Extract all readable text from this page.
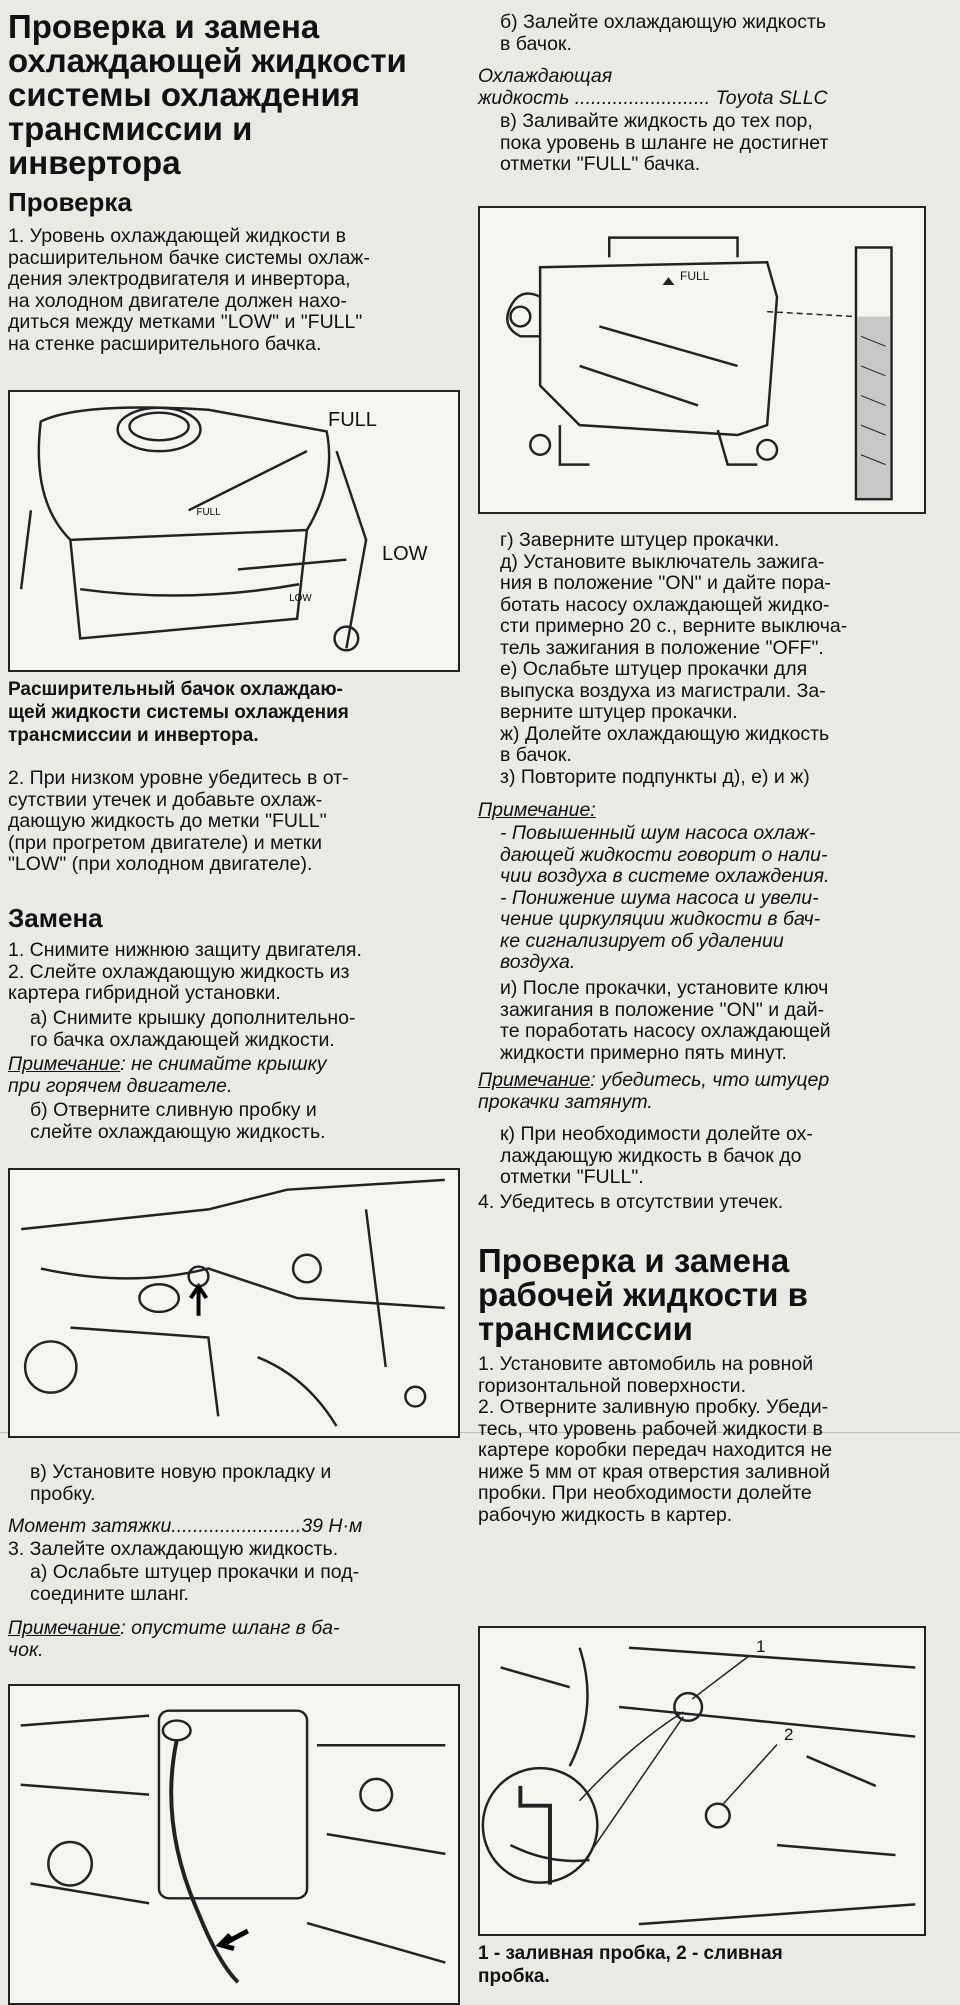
Проверка и замена
охлаждающей жидкости
системы охлаждения
трансмиссии и
инвертора
Проверка

1. Уровень охлаждающей жидкости в
расширительном бачке системы охлаж-
дения электродвигателя и инвертора,
на холодном двигателе должен нахо-
диться между метками "LOW" и "FULL"
на стенке расширительного бачка.

FULL
LOW
FULL
LOW

Расширительный бачок охлаждаю-
щей жидкости системы охлаждения
трансмиссии и инвертора.

2. При низком уровне убедитесь в от-
сутствии утечек и добавьте охлаж-
дающую жидкость до метки "FULL"
(при прогретом двигателе) и метки
"LOW" (при холодном двигателе).

Замена

1. Снимите нижнюю защиту двигателя.
2. Слейте охлаждающую жидкость из
картера гибридной установки.

а) Снимите крышку дополнительно-
го бачка охлаждающей жидкости.

Примечание: не снимайте крышку
при горячем двигателе.

б) Отверните сливную пробку и
слейте охлаждающую жидкость.

в) Установите новую прокладку и
пробку.

Момент затяжки........................39 Н·м

3. Залейте охлаждающую жидкость.

а) Ослабьте штуцер прокачки и под-
соедините шланг.

Примечание: опустите шланг в ба-
чок.

б) Залейте охлаждающую жидкость
в бачок.

Охлаждающая
жидкость ......................... Toyota SLLC

в) Заливайте жидкость до тех пор,
пока уровень в шланге не достигнет
отметки "FULL" бачка.

FULL

г) Заверните штуцер прокачки.
д) Установите выключатель зажига-
ния в положение "ON" и дайте пора-
ботать насосу охлаждающей жидко-
сти примерно 20 с., верните выключа-
тель зажигания в положение "OFF".
е) Ослабьте штуцер прокачки для
выпуска воздуха из магистрали. За-
верните штуцер прокачки.
ж) Долейте охлаждающую жидкость
в бачок.
з) Повторите подпункты д), е) и ж)

Примечание:

- Повышенный шум насоса охлаж-
дающей жидкости говорит о нали-
чии воздуха в системе охлаждения.
- Понижение шума насоса и увели-
чение циркуляции жидкости в бач-
ке сигнализирует об удалении
воздуха.

и) После прокачки, установите ключ
зажигания в положение "ON" и дай-
те поработать насосу охлаждающей
жидкости примерно пять минут.

Примечание: убедитесь, что штуцер
прокачки затянут.

к) При необходимости долейте ох-
лаждающую жидкость в бачок до
отметки "FULL".

4. Убедитесь в отсутствии утечек.

Проверка и замена
рабочей жидкости в
трансмиссии

1. Установите автомобиль на ровной
горизонтальной поверхности.
2. Отверните заливную пробку. Убеди-
тесь, что уровень рабочей жидкости в
картере коробки передач находится не
ниже 5 мм от края отверстия заливной
пробки. При необходимости долейте
рабочую жидкость в картер.

1
2

1 - заливная пробка, 2 - сливная
пробка.
